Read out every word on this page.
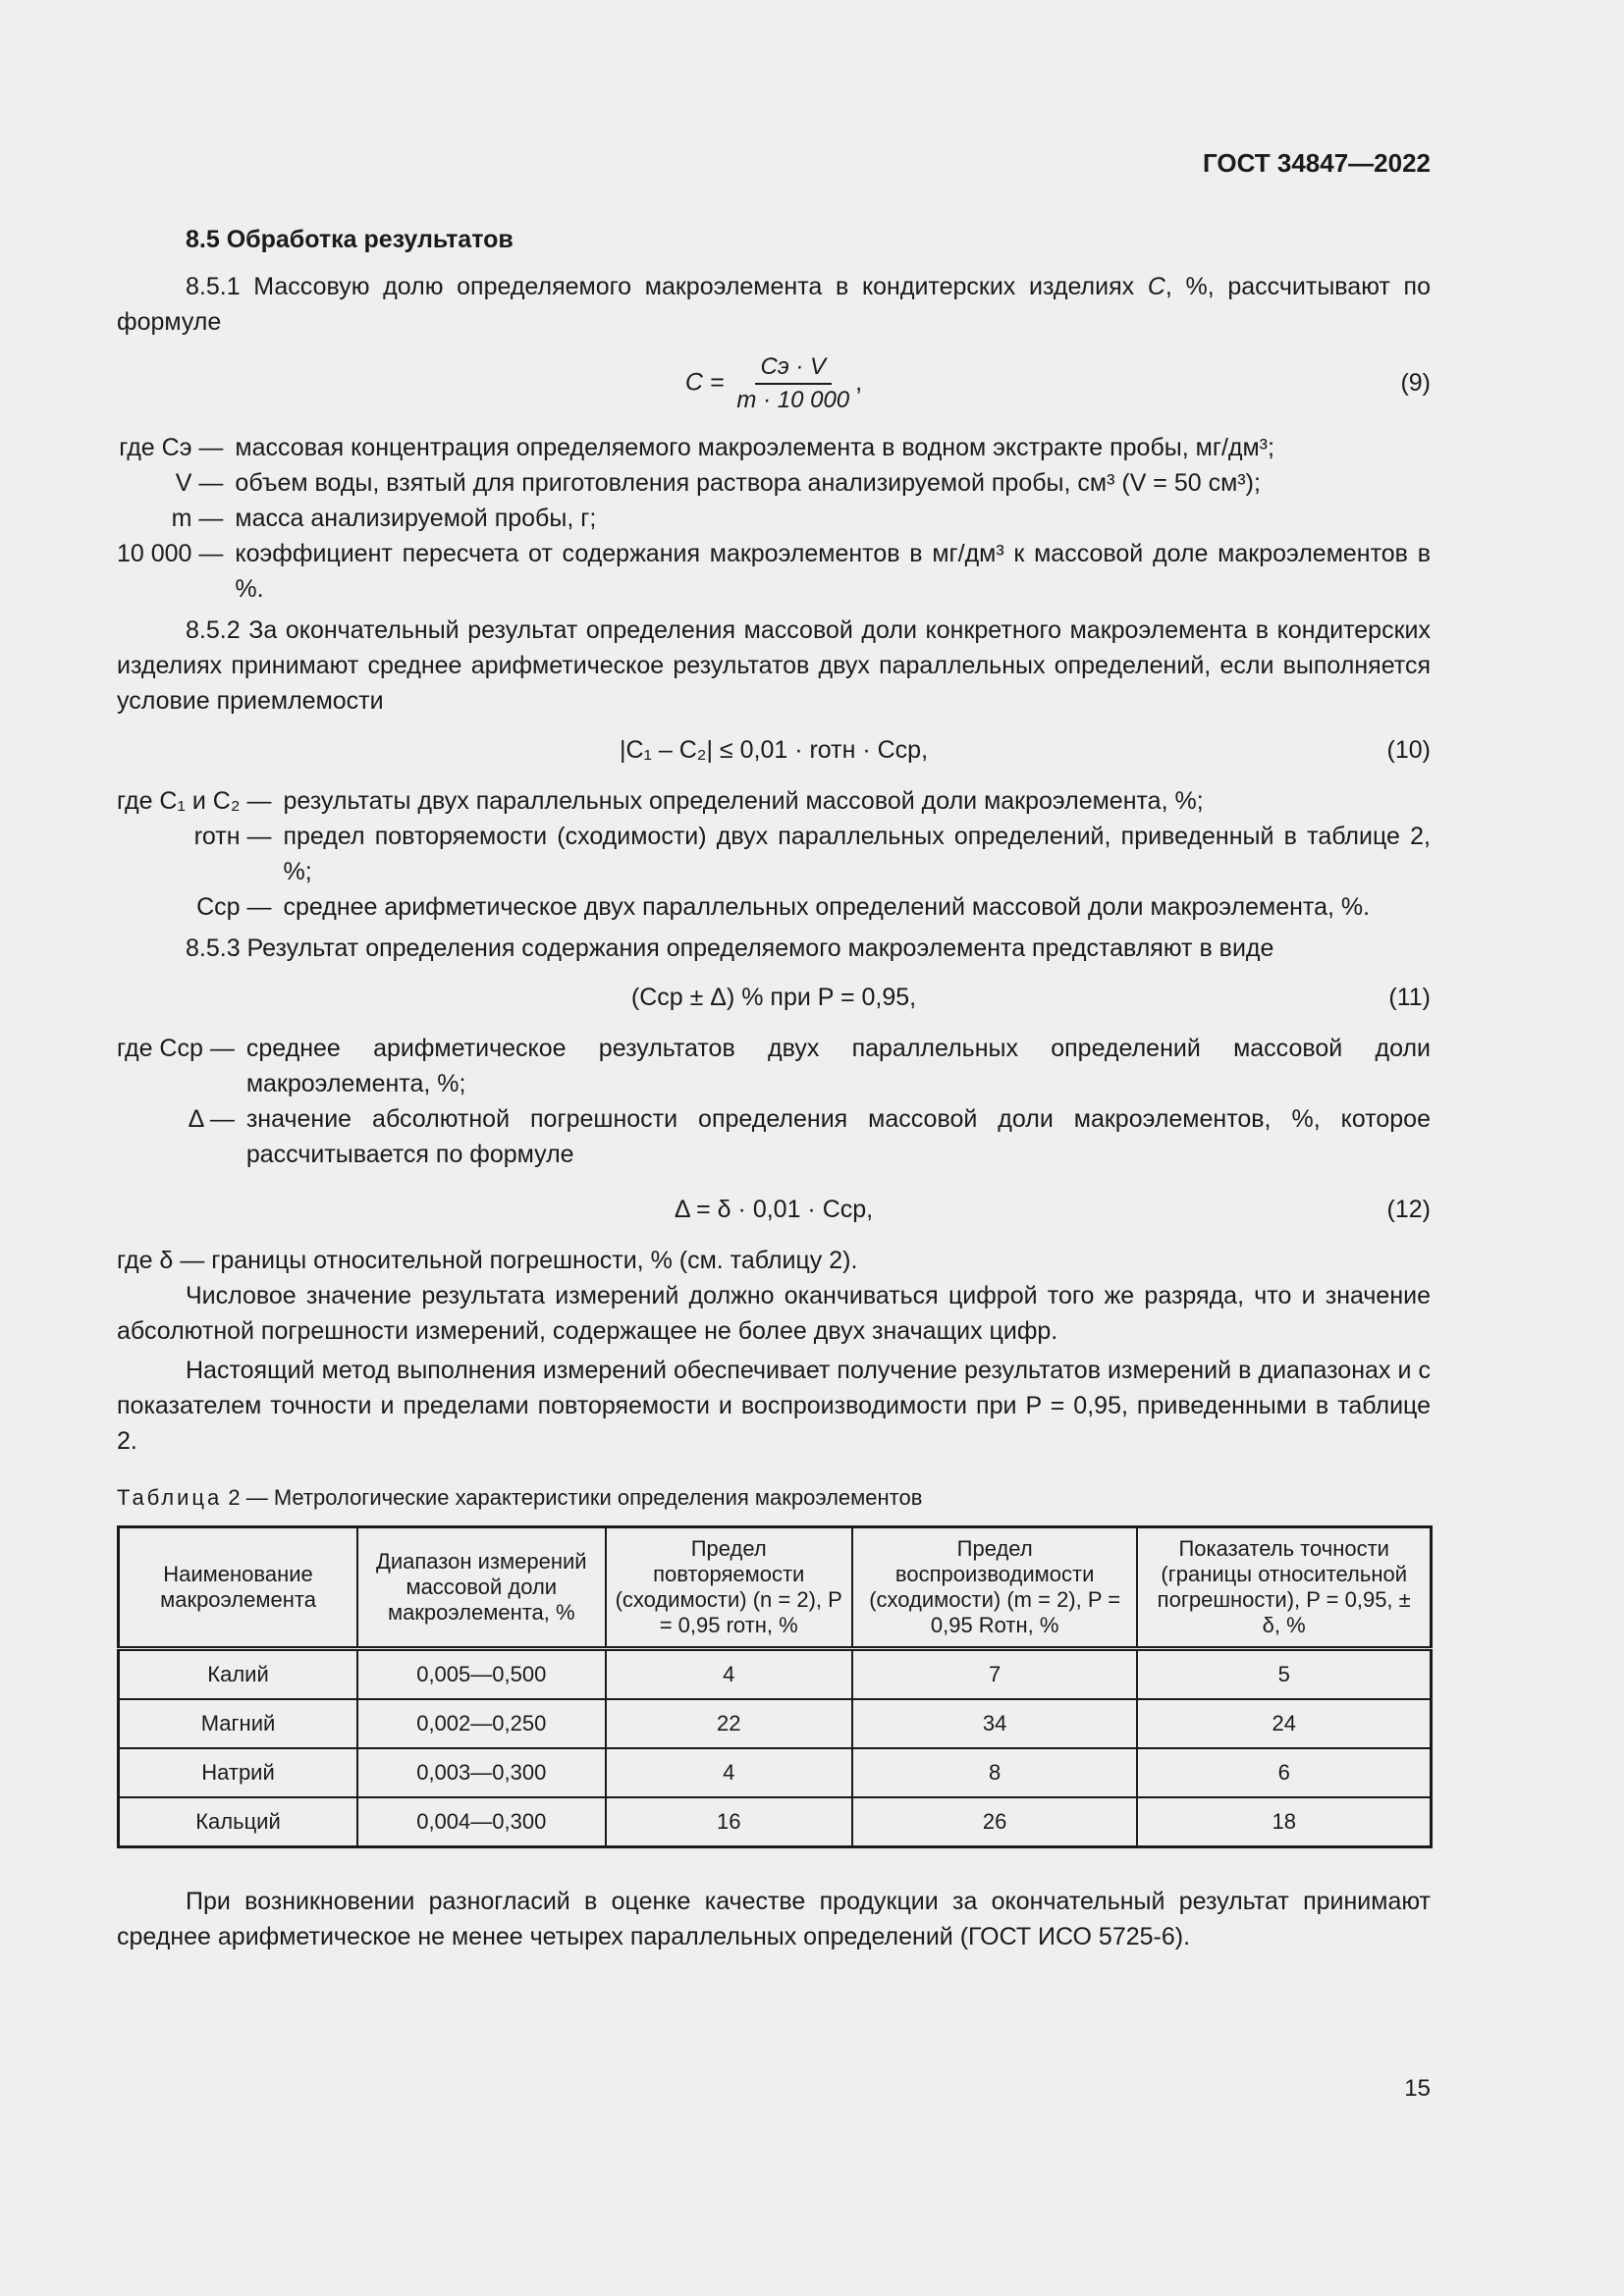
ГОСТ 34847—2022
8.5 Обработка результатов

8.5.1 Массовую долю определяемого макроэлемента в кондитерских изделиях C, %, рассчитывают по формуле

$C = \frac{Cэ \cdot V}{m \cdot 10 000}$ ,	(9)
где Cэ — массовая концентрация определяемого макроэлемента в водном экстракте пробы, мг/дм³;
V — объем воды, взятый для приготовления раствора анализируемой пробы, см³ (V = 50 см³);
m — масса анализируемой пробы, г;
10 000 — коэффициент пересчета от содержания макроэлементов в мг/дм³ к массовой доле макроэлементов в %.

8.5.2 За окончательный результат определения массовой доли конкретного макроэлемента в кондитерских изделиях принимают среднее арифметическое результатов двух параллельных определений, если выполняется условие приемлемости

|C₁ – C₂| ≤ 0,01 · rотн · Cср,	(10)
где C₁ и C₂ — результаты двух параллельных определений массовой доли макроэлемента, %;
rотн — предел повторяемости (сходимости) двух параллельных определений, приведенный в таблице 2, %;
Cср — среднее арифметическое двух параллельных определений массовой доли макроэлемента, %.

8.5.3 Результат определения содержания определяемого макроэлемента представляют в виде

(Cср ± Δ) % при P = 0,95,	(11)
где Cср — среднее арифметическое результатов двух параллельных определений массовой доли макроэлемента, %;
Δ — значение абсолютной погрешности определения массовой доли макроэлементов, %, которое рассчитывается по формуле
Δ = δ · 0,01 · Cср,	(12)

где δ — границы относительной погрешности, % (см. таблицу 2).

Числовое значение результата измерений должно оканчиваться цифрой того же разряда, что и значение абсолютной погрешности измерений, содержащее не более двух значащих цифр.

Настоящий метод выполнения измерений обеспечивает получение результатов измерений в диапазонах и с показателем точности и пределами повторяемости и воспроизводимости при P = 0,95, приведенными в таблице 2.

Таблица 2 — Метрологические характеристики определения макроэлементов
Наименование макроэлемента	Диапазон измерений массовой доли макроэлемента, %	Предел повторяемости (сходимости) (n = 2), P = 0,95 rотн, %	Предел воспроизводимости (сходимости) (m = 2), P = 0,95 Rотн, %	Показатель точности (границы относительной погрешности), P = 0,95, ± δ, %
Калий	0,005—0,500	4	7	5
Магний	0,002—0,250	22	34	24
Натрий	0,003—0,300	4	8	6
Кальций	0,004—0,300	16	26	18

При возникновении разногласий в оценке качестве продукции за окончательный результат принимают среднее арифметическое не менее четырех параллельных определений (ГОСТ ИСО 5725-6).

15
